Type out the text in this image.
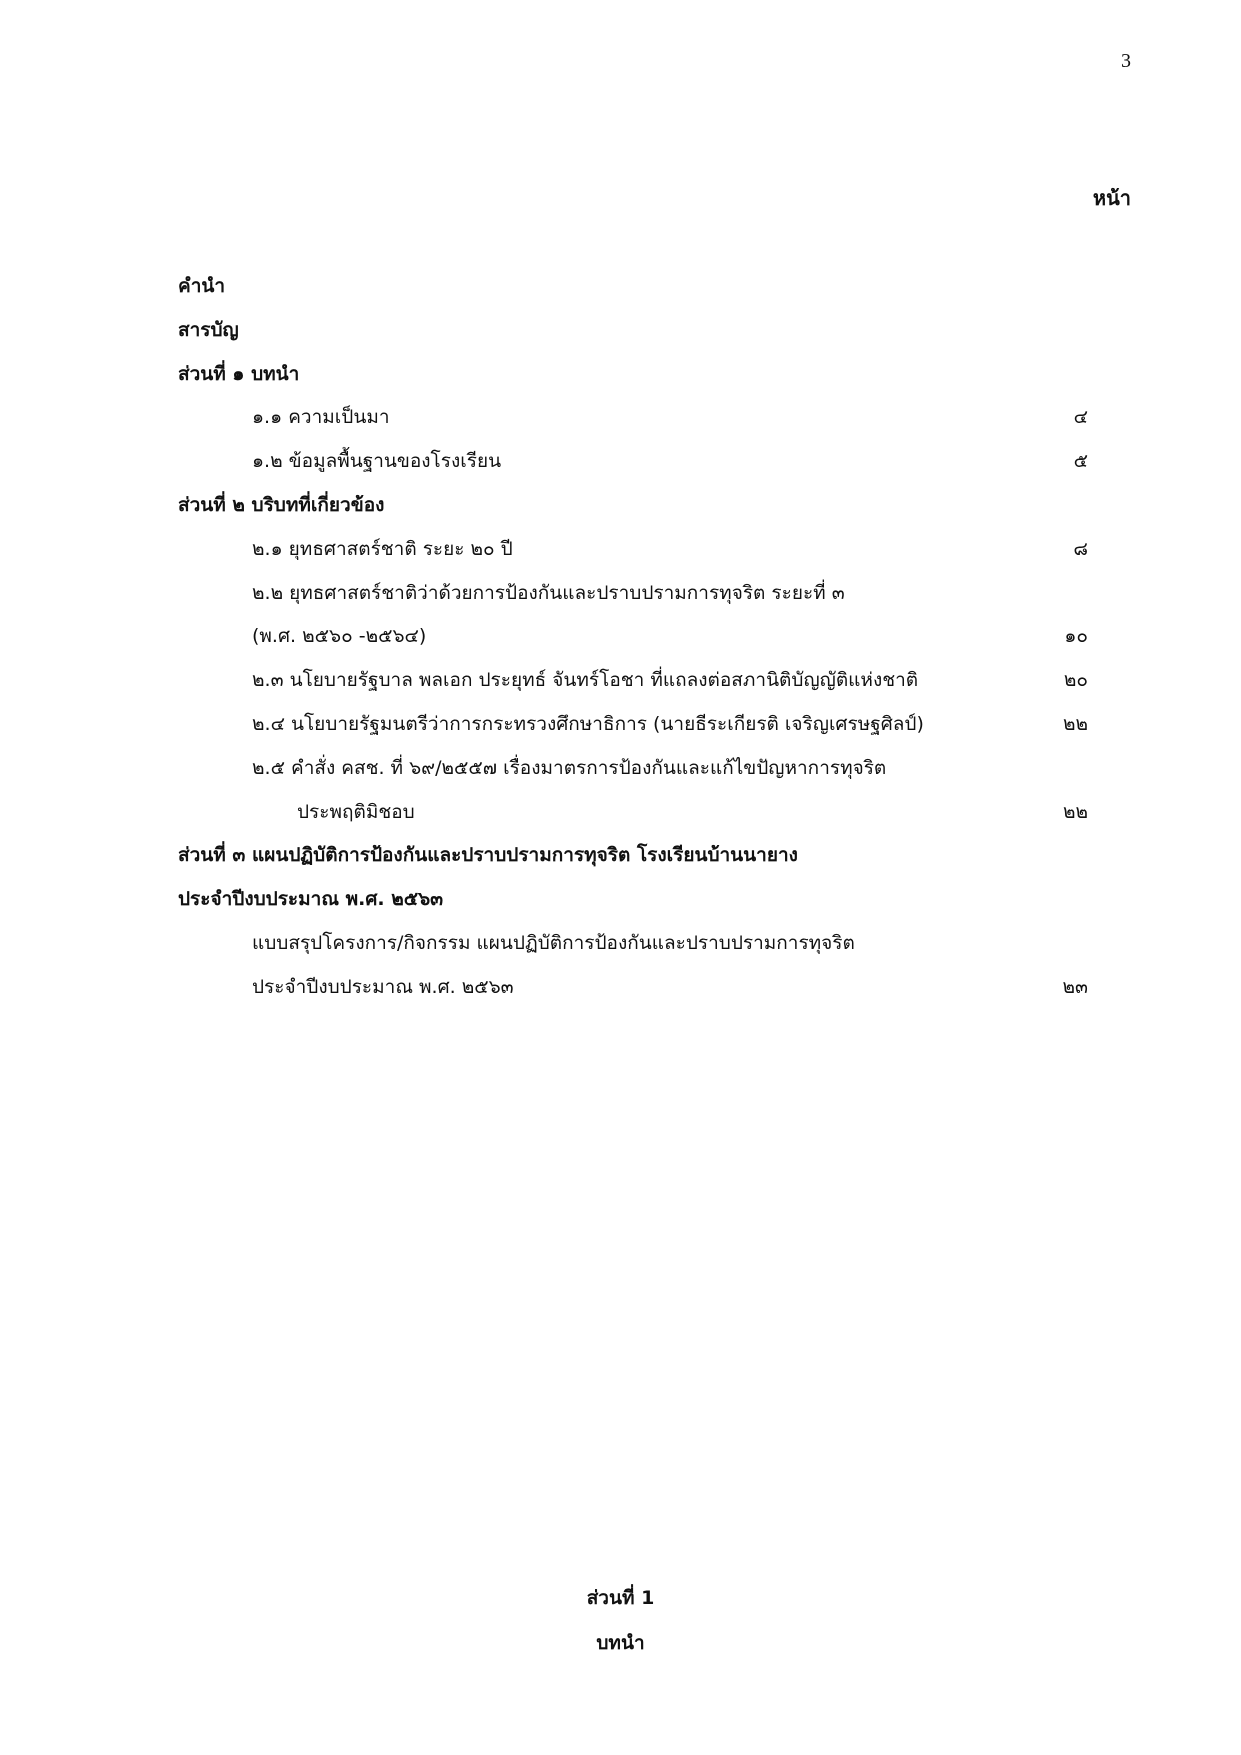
3
หน้า
คำนำ
สารบัญ
ส่วนที่ ๑ บทนำ
๑.๑ ความเป็นมา	๔
๑.๒ ข้อมูลพื้นฐานของโรงเรียน	๕
ส่วนที่ ๒ บริบทที่เกี่ยวข้อง
๒.๑ ยุทธศาสตร์ชาติ ระยะ ๒๐ ปี	๘
๒.๒ ยุทธศาสตร์ชาติว่าด้วยการป้องกันและปราบปรามการทุจริต ระยะที่ ๓
(พ.ศ. ๒๕๖๐ -๒๕๖๔)	๑๐
๒.๓ นโยบายรัฐบาล พลเอก ประยุทธ์ จันทร์โอชา ที่แถลงต่อสภานิติบัญญัติแห่งชาติ	๒๐
๒.๔ นโยบายรัฐมนตรีว่าการกระทรวงศึกษาธิการ (นายธีระเกียรติ เจริญเศรษฐศิลป์)	๒๒
๒.๕ คำสั่ง คสช. ที่ ๖๙/๒๕๕๗ เรื่องมาตรการป้องกันและแก้ไขปัญหาการทุจริต
ประพฤติมิชอบ	๒๒
ส่วนที่ ๓ แผนปฏิบัติการป้องกันและปราบปรามการทุจริต โรงเรียนบ้านนายาง
ประจำปีงบประมาณ พ.ศ. ๒๕๖๓
แบบสรุปโครงการ/กิจกรรม แผนปฏิบัติการป้องกันและปราบปรามการทุจริต
ประจำปีงบประมาณ พ.ศ. ๒๕๖๓	๒๓
ส่วนที่ 1
บทนำ
